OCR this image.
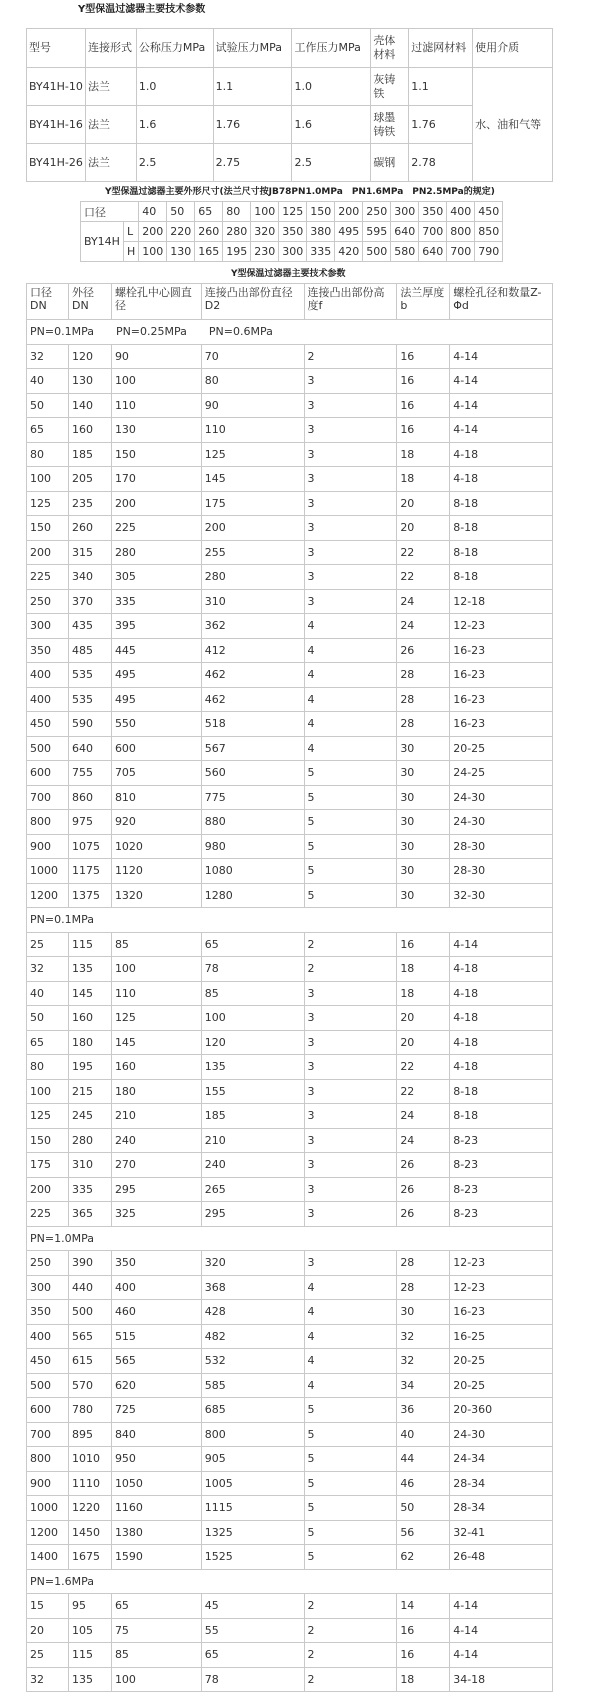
Y型保温过滤器主要技术参数
型号	连接形式	公称压力MPa	试验压力MPa	工作压力MPa	壳体材料	过滤网材料	使用介质
BY41H-10	法兰	1.0	1.1	1.0	灰铸铁	1.1	水、油和气等
BY41H-16	法兰	1.6	1.76	1.6	球墨铸铁	1.76	
BY41H-26	法兰	2.5	2.75	2.5	碳钢	2.78	
Y型保温过滤器主要外形尺寸(法兰尺寸按JB78PN1.0MPa　PN1.6MPa　PN2.5MPa的规定)
口径		40	50	65	80	100	125	150	200	250	300	350	400	450
BY14H	L	200	220	260	280	320	350	380	495	595	640	700	800	850
	H	100	130	165	195	230	300	335	420	500	580	640	700	790
Y型保温过滤器主要技术参数
口径DN	外径DN	螺栓孔中心圆直径	连接凸出部份直径D2	连接凸出部份高度f	法兰厚度b	螺栓孔径和数量Z-Φd
PN=0.1MPa　　PN=0.25MPa　　PN=0.6MPa						
32	120	90	70	2	16	4-14
40	130	100	80	3	16	4-14
50	140	110	90	3	16	4-14
65	160	130	110	3	16	4-14
80	185	150	125	3	18	4-18
100	205	170	145	3	18	4-18
125	235	200	175	3	20	8-18
150	260	225	200	3	20	8-18
200	315	280	255	3	22	8-18
225	340	305	280	3	22	8-18
250	370	335	310	3	24	12-18
300	435	395	362	4	24	12-23
350	485	445	412	4	26	16-23
400	535	495	462	4	28	16-23
400	535	495	462	4	28	16-23
450	590	550	518	4	28	16-23
500	640	600	567	4	30	20-25
600	755	705	560	5	30	24-25
700	860	810	775	5	30	24-30
800	975	920	880	5	30	24-30
900	1075	1020	980	5	30	28-30
1000	1175	1120	1080	5	30	28-30
1200	1375	1320	1280	5	30	32-30
PN=0.1MPa						
25	115	85	65	2	16	4-14
32	135	100	78	2	18	4-18
40	145	110	85	3	18	4-18
50	160	125	100	3	20	4-18
65	180	145	120	3	20	4-18
80	195	160	135	3	22	4-18
100	215	180	155	3	22	8-18
125	245	210	185	3	24	8-18
150	280	240	210	3	24	8-23
175	310	270	240	3	26	8-23
200	335	295	265	3	26	8-23
225	365	325	295	3	26	8-23
PN=1.0MPa						
250	390	350	320	3	28	12-23
300	440	400	368	4	28	12-23
350	500	460	428	4	30	16-23
400	565	515	482	4	32	16-25
450	615	565	532	4	32	20-25
500	570	620	585	4	34	20-25
600	780	725	685	5	36	20-360
700	895	840	800	5	40	24-30
800	1010	950	905	5	44	24-34
900	1110	1050	1005	5	46	28-34
1000	1220	1160	1115	5	50	28-34
1200	1450	1380	1325	5	56	32-41
1400	1675	1590	1525	5	62	26-48
PN=1.6MPa						
15	95	65	45	2	14	4-14
20	105	75	55	2	16	4-14
25	115	85	65	2	16	4-14
32	135	100	78	2	18	34-18
